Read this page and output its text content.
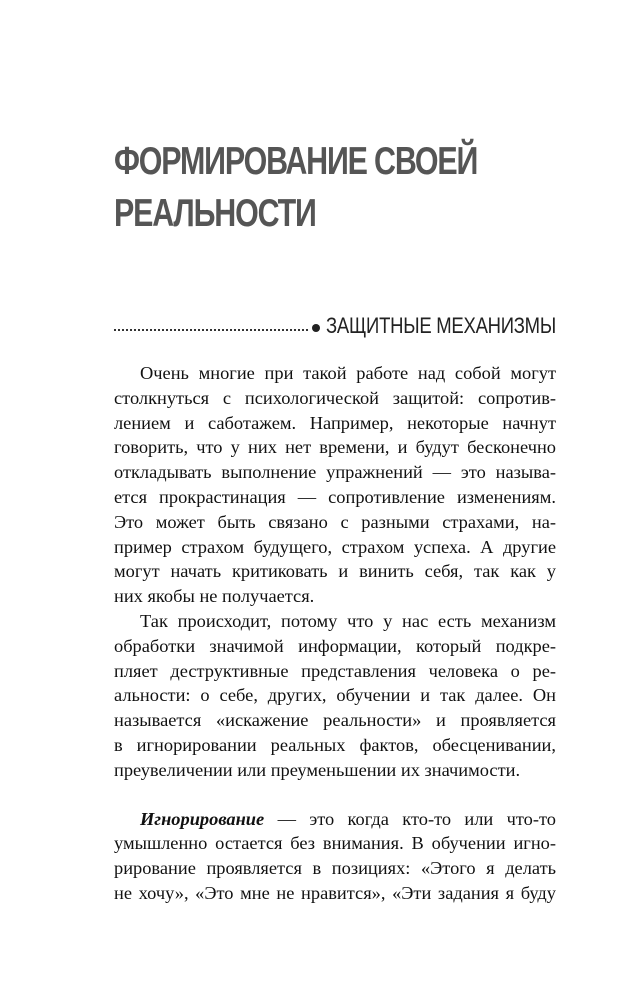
ФОРМИРОВАНИЕ СВОЕЙ
РЕАЛЬНОСТИ
ЗАЩИТНЫЕ МЕХАНИЗМЫ

Очень многие при такой работе над собой могут
столкнуться с психологической защитой: сопротив-
лением и саботажем. Например, некоторые начнут
говорить, что у них нет времени, и будут бесконечно
откладывать выполнение упражнений — это называ-
ется прокрастинация — сопротивление изменениям.
Это может быть связано с разными страхами, на-
пример страхом будущего, страхом успеха. А другие
могут начать критиковать и винить себя, так как у
них якобы не получается.

Так происходит, потому что у нас есть механизм
обработки значимой информации, который подкре-
пляет деструктивные представления человека о ре-
альности: о себе, других, обучении и так далее. Он
называется «искажение реальности» и проявляется
в игнорировании реальных фактов, обесценивании,
преувеличении или преуменьшении их значимости.

Игнорирование — это когда кто-то или что-то
умышленно остается без внимания. В обучении игно-
рирование проявляется в позициях: «Этого я делать
не хочу», «Это мне не нравится», «Эти задания я буду
